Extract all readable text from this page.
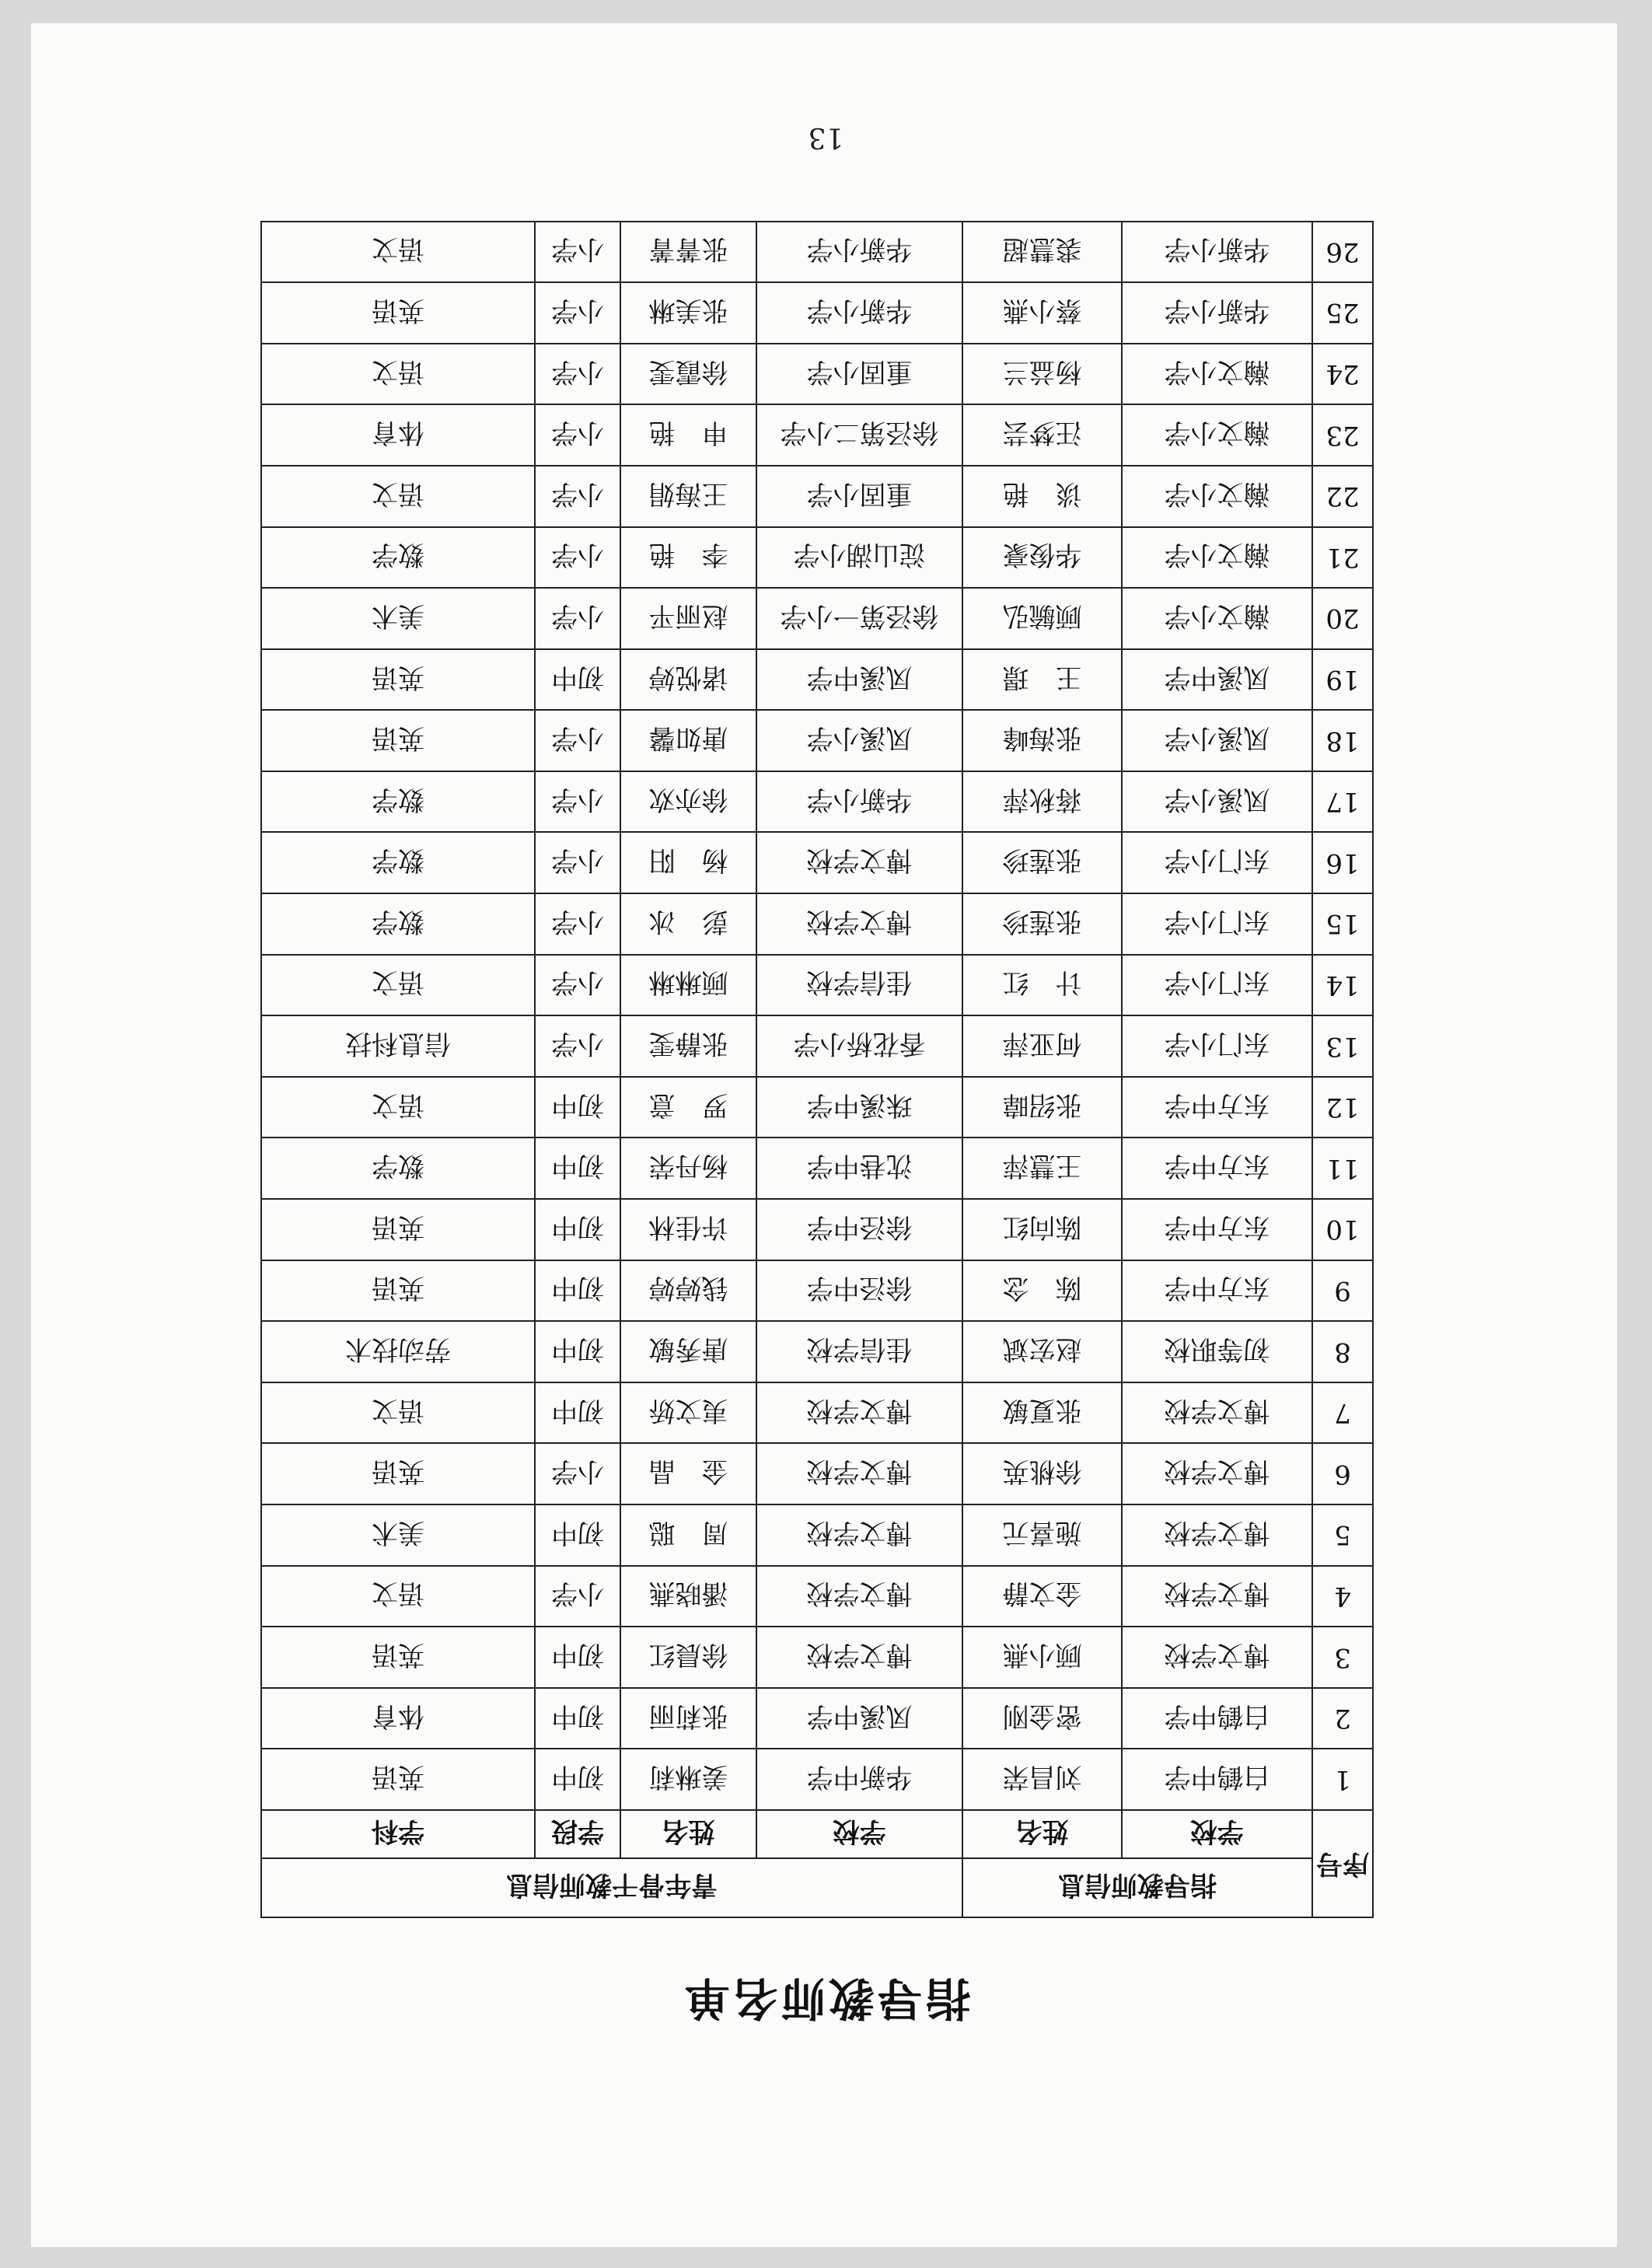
指导教师名单
序号	指导教师信息		青年骨干教师信息			
	学校	姓名	学校	姓名	学段	学科
1	白鹤中学	刘昌荣	华新中学	姜琳莉	初中	英语
2	白鹤中学	密金刚	凤溪中学	张莉丽	初中	体育
3	博文学校	顾小燕	博文学校	徐晨红	初中	英语
4	博文学校	金文静	博文学校	潘晓燕	小学	语文
5	博文学校	施喜元	博文学校	周　聪	初中	美术
6	博文学校	徐桃英	博文学校	金　晶	小学	英语
7	博文学校	张夏敏	博文学校	夷文娇	初中	语文
8	初等职校	赵宏斌	佳信学校	唐秀敏	初中	劳动技术
9	东方中学	陈　念	徐泾中学	钱婷婷	初中	英语
10	东方中学	陈向红	徐泾中学	许佳林	初中	英语
11	东方中学	王慧萍	沈巷中学	杨丹荣	初中	数学
12	东方中学	张绍暐	珠溪中学	罗　意	初中	语文
13	东门小学	何亚萍	香花桥小学	张静雯	小学	信息科技
14	东门小学	计　红	佳信学校	顾琳琳	小学	语文
15	东门小学	张莲珍	博文学校	彭　冰	小学	数学
16	东门小学	张莲珍	博文学校	杨　阳	小学	数学
17	凤溪小学	蒋秋萍	华新小学	徐亦欢	小学	数学
18	凤溪小学	张海峰	凤溪小学	唐如馨	小学	英语
19	凤溪中学	王　璟	凤溪中学	诸悦婷	初中	英语
20	瀚文小学	顾毓弘	徐泾第一小学	赵丽平	小学	美术
21	瀚文小学	华俊豪	淀山湖小学	李　艳	小学	数学
22	瀚文小学	谈　艳	重固小学	王海娟	小学	语文
23	瀚文小学	汪梦芸	徐泾第二小学	申　艳	小学	体育
24	瀚文小学	杨益兰	重固小学	徐霞雯	小学	语文
25	华新小学	蔡小燕	华新小学	张美琳	小学	英语
26	华新小学	裘慧超	华新小学	张菁菁	小学	语文
13
